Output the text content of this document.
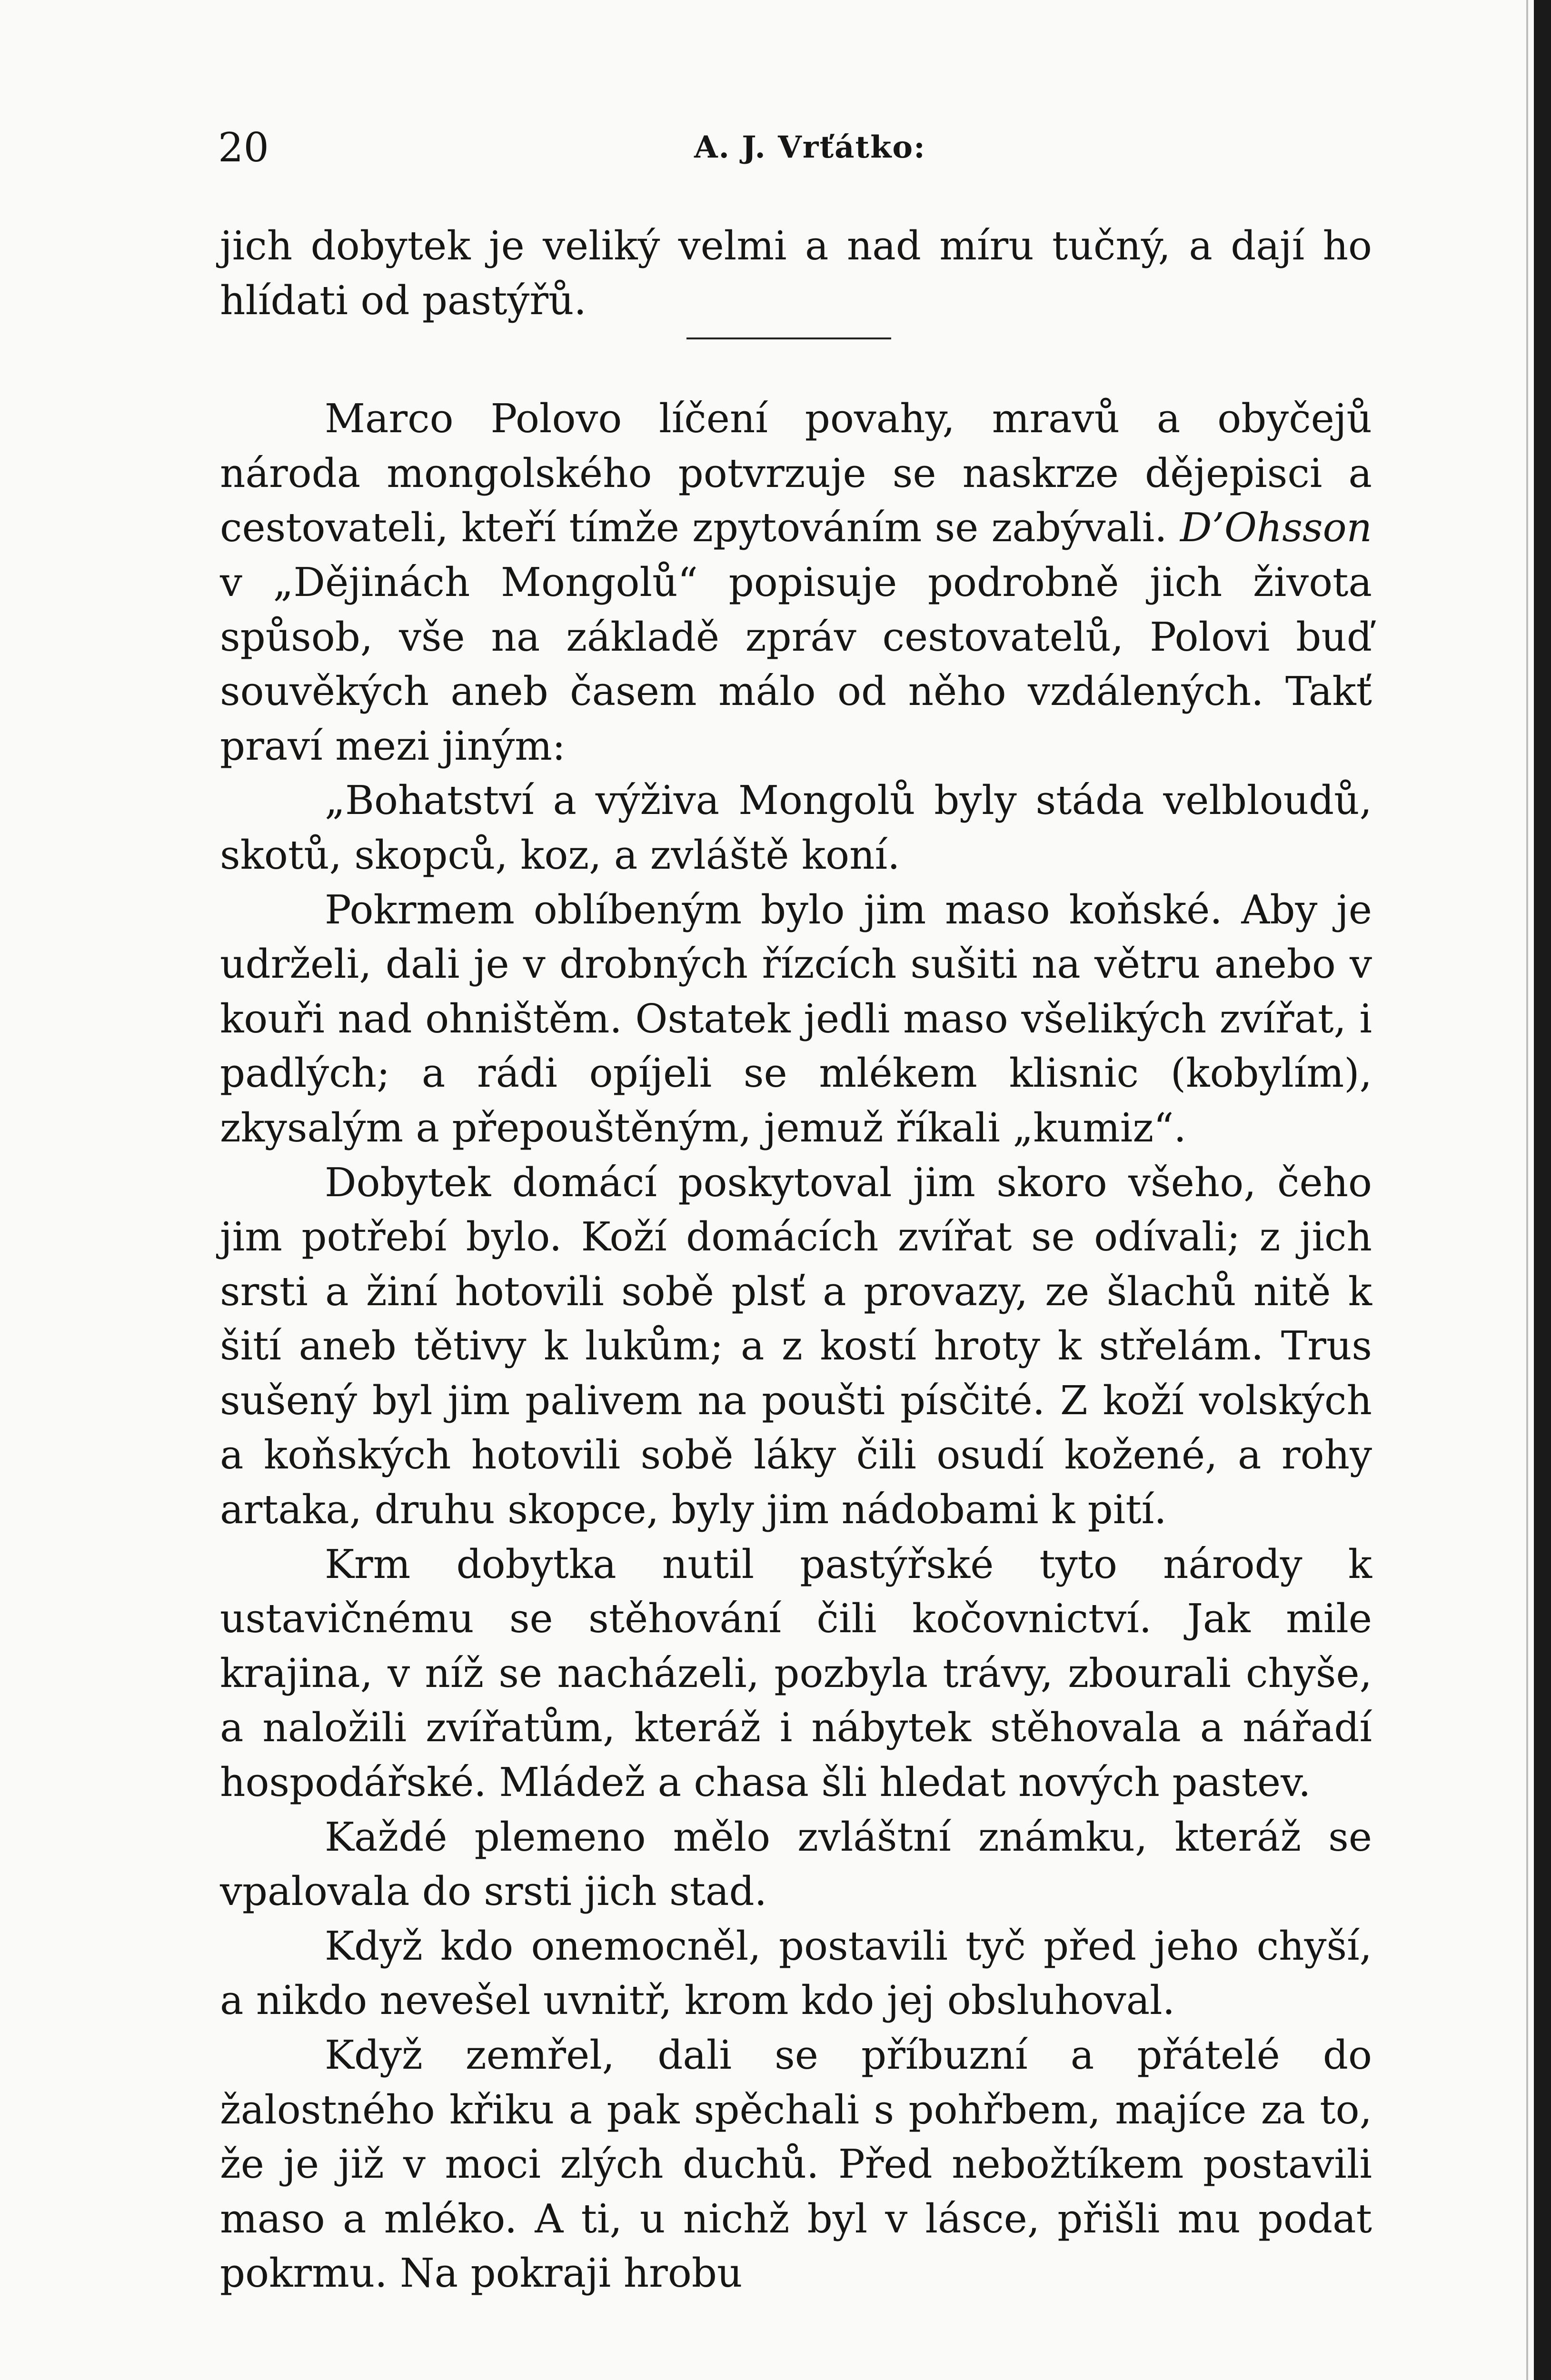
20	A. J. Vrťátko:

jich dobytek je veliký velmi a nad míru tučný, a dají ho hlídati od pastýřů.

Marco Polovo líčení povahy, mravů a obyčejů národa mongolského potvrzuje se naskrze dějepisci a cestovateli, kteří tímže zpytováním se zabývali. D’Ohsson v „Dějinách Mongolů“ popisuje podrobně jich života spůsob, vše na základě zpráv cestovatelů, Polovi buď souvěkých aneb časem málo od něho vzdálených. Takť praví mezi jiným:

„Bohatství a výživa Mongolů byly stáda velbloudů, skotů, skopců, koz, a zvláště koní.

Pokrmem oblíbeným bylo jim maso koňské. Aby je udrželi, dali je v drobných řízcích sušiti na větru anebo v kouři nad ohništěm. Ostatek jedli maso všelikých zvířat, i padlých; a rádi opíjeli se mlékem klisnic (kobylím), zkysalým a přepouštěným, jemuž říkali „kumiz“.

Dobytek domácí poskytoval jim skoro všeho, čeho jim potřebí bylo. Koží domácích zvířat se odívali; z jich srsti a žiní hotovili sobě plsť a provazy, ze šlachů nitě k šití aneb tětivy k lukům; a z kostí hroty k střelám. Trus sušený byl jim palivem na poušti písčité. Z koží volských a koňských hotovili sobě láky čili osudí kožené, a rohy artaka, druhu skopce, byly jim nádobami k pití.

Krm dobytka nutil pastýřské tyto národy k ustavičnému se stěhování čili kočovnictví. Jak mile krajina, v níž se nacházeli, pozbyla trávy, zbourali chyše, a naložili zvířatům, kteráž i nábytek stěhovala a nářadí hospodářské. Mládež a chasa šli hledat nových pastev.

Každé plemeno mělo zvláštní známku, kteráž se vpalovala do srsti jich stad.

Když kdo onemocněl, postavili tyč před jeho chyší, a nikdo nevešel uvnitř, krom kdo jej obsluhoval.

Když zemřel, dali se příbuzní a přátelé do žalostného křiku a pak spěchali s pohřbem, majíce za to, že je již v moci zlých duchů. Před nebožtíkem postavili maso a mléko. A ti, u nichž byl v lásce, přišli mu podat pokrmu. Na pokraji hrobu
